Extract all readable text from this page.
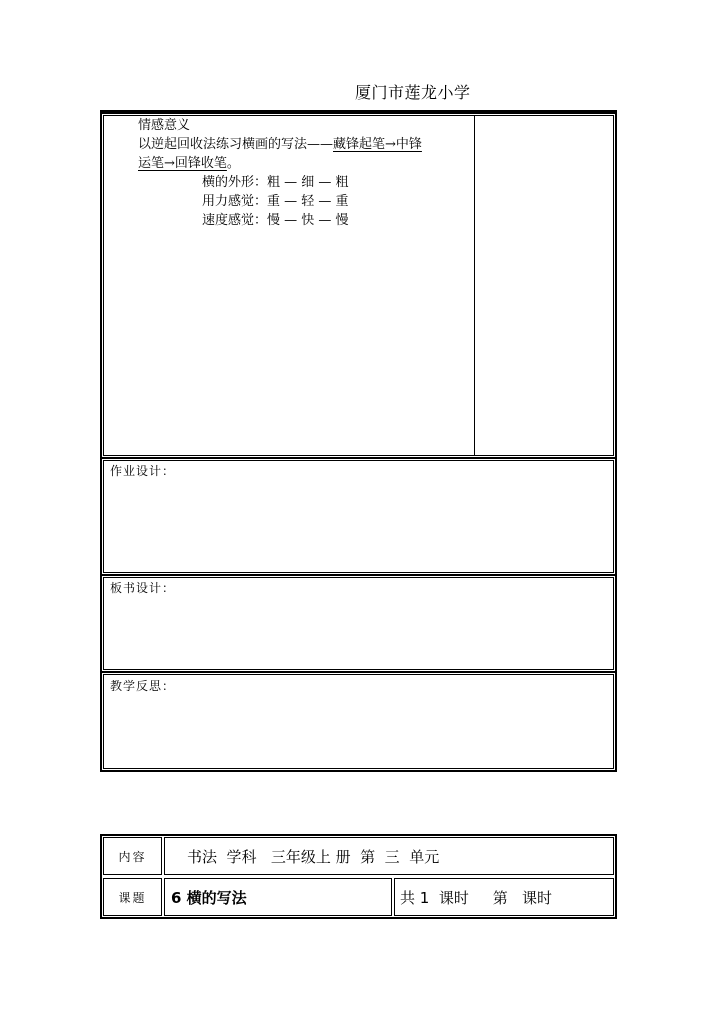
厦门市莲龙小学
情感意义
以逆起回收法练习横画的写法——藏锋起笔→中锋
运笔→回锋收笔。
横的外形：粗 — 细 — 粗
用力感觉：重 — 轻 — 重
速度感觉：慢 — 快 — 慢
作业设计：
板书设计：
教学反思：
内容	书法  学科   三年级上 册  第  三  单元
课题 6 横的写法	共 1  课时     第   课时
